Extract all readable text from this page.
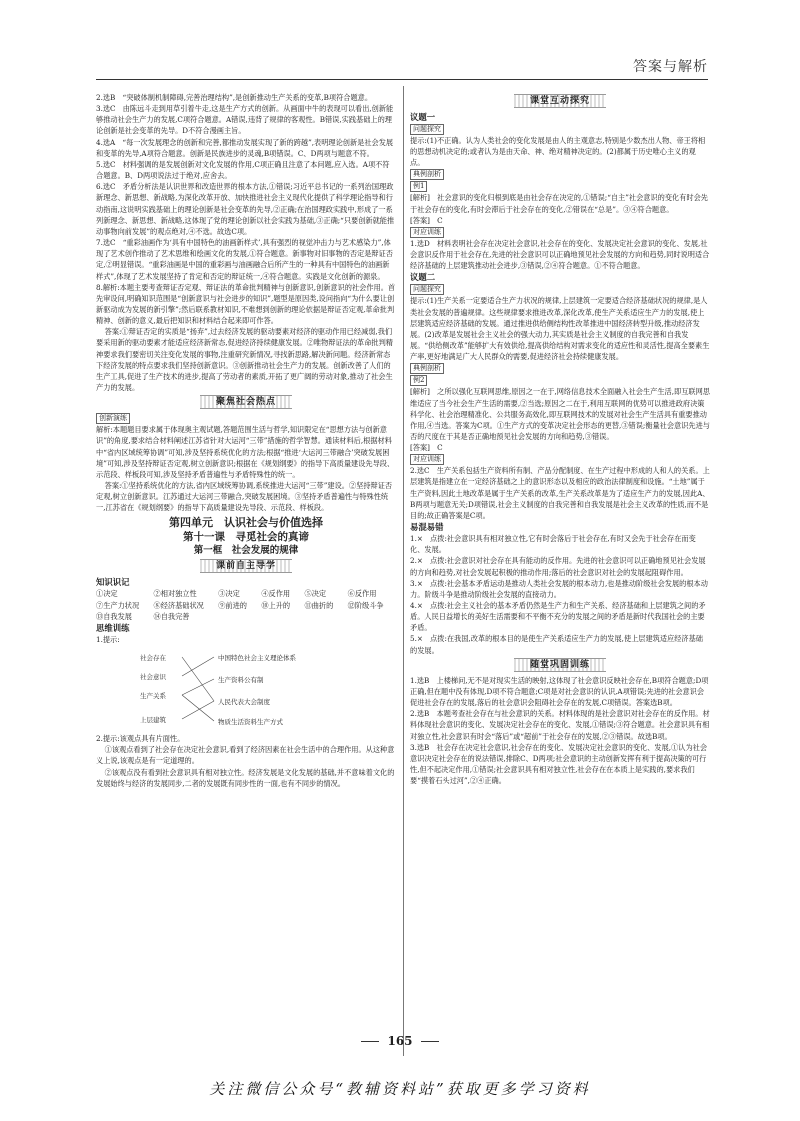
答案与解析

2.选B　“突破体制机制障碍,完善治理结构”,是创新推动生产关系的变革,B项符合题意。

3.选C　由陈远斗走到用草引着牛走,这是生产方式的创新。从画面中牛的表现可以看出,创新能够推动社会生产力的发展,C项符合题意。A错误,违背了规律的客观性。B错误,实践基础上的理论创新是社会变革的先导。D不符合漫画主旨。

4.选A　“每一次发展理念的创新和完善,都推动发展实现了新的跨越”,表明理论创新是社会发展和变革的先导,A项符合题意。创新是民族进步的灵魂,B项错误。C、D两项与题意不符。

5.选C　材料强调的是发展创新对文化发展的作用,C项正确且注意了本问题,应入选。A项不符合题意。B、D两项说法过于绝对,应舍去。

6.选C　矛盾分析法是认识世界和改造世界的根本方法,①错误;习近平总书记的一系列治国理政新理念、新思想、新战略,为深化改革开放、加快推进社会主义现代化提供了科学理论指导和行动指南,这说明实践基础上的理论创新是社会变革的先导,②正确;在治国理政实践中,形成了一系列新理念、新思想、新战略,这体现了党的理论创新以社会实践为基础,③正确;“只要创新就能推动事物向前发展”的观点绝对,④不选。故选C项。

7.选C　“重彩油画作为‘具有中国特色的油画新样式’,具有强烈的视觉冲击力与艺术感染力”,体现了艺术创作推动了艺术思维和绘画文化的发展,①符合题意。新事物对旧事物的否定是辩证否定,②明显错误。“重彩油画是中国的重彩画与油画融合后所产生的一种具有中国特色的油画新样式”,体现了艺术发展坚持了肯定和否定的辩证统一,④符合题意。实践是文化创新的源泉。

8.解析:本题主要考查辩证否定观、辩证法的革命批判精神与创新意识,创新意识的社会作用。首先审设问,明确知识范围是“创新意识与社会进步的知识”,题型是原因类,设问指向“为什么要让创新驱动成为发展的新引擎”;然后联系教材知识,不难想到创新的理论依据是辩证否定观,革命批判精神、创新的意义,最后把知识和材料结合起来即可作答。

答案:①辩证否定的实质是“扬弃”,过去经济发展的驱动要素对经济的驱动作用已经减弱,我们要采用新的驱动要素才能适应经济新常态,促进经济持续健康发展。②唯物辩证法的革命批判精神要求我们要密切关注变化发展的事物,注重研究新情况,寻找新思路,解决新问题。经济新常态下经济发展的特点要求我们坚持创新意识。③创新推动社会生产力的发展。创新改善了人们的生产工具,促进了生产技术的进步,提高了劳动者的素质,开拓了更广阔的劳动对象,推动了社会生产力的发展。

聚焦社会热点
创新演练

解析:本题题目要求属于体现奥主观试题,答题范围生活与哲学,知识限定在“思想方法与创新意识”的角度,要求结合材料阐述江苏省针对大运河“三带”措施的哲学智慧。通读材料后,根据材料中“省内区域统筹协调”可知,涉及坚持系统优化的方法;根据“推进‘大运河三带融合’突破发展困境”可知,涉及坚持辩证否定观,树立创新意识;根据在《规划纲要》的指导下高质量建设先导段、示范段、样板段可知,涉及坚持矛盾普遍性与矛盾特殊性的统一。

答案:①坚持系统优化的方法,省内区域统筹协调,系统推进大运河“三带”建设。②坚持辩证否定观,树立创新意识。江苏通过大运河三带融合,突破发展困境。③坚持矛盾普遍性与特殊性统一,江苏省在《规划纲要》的指导下高质量建设先导段、示范段、样板段。

第四单元　认识社会与价值选择
第十一课　寻觅社会的真谛
第一框　社会发展的规律
课前自主导学
知识识记
①决定	②相对独立性	③决定	④反作用	⑤决定	⑥反作用
⑦生产力状况	⑧经济基础状况	⑨前进的	⑩上升的	⑪曲折的	⑫阶级斗争
⑬自我发展	⑭自我完善
思维训练
1.提示:
社会存在
社会意识
生产关系
上层建筑
中国特色社会主义理论体系
生产资料公有制
人民代表大会制度
物质生活资料生产方式

2.提示:该观点具有片面性。

①该观点看到了社会存在决定社会意识,看到了经济因素在社会生活中的合理作用。从这种意义上说,该观点是有一定道理的。

②该观点没有看到社会意识具有相对独立性。经济发展是文化发展的基础,并不意味着文化的发展始终与经济的发展同步,二者的发展既有同步性的一面,也有不同步的情况。

课堂互动探究
议题一
问题探究

提示:(1)不正确。认为人类社会的变化发展是由人的主观意志,特别是少数杰出人物、帝王将相的思想动机决定的;或者认为是由天命、神、绝对精神决定的。(2)都属于历史唯心主义的观点。

典例剖析
例1

[解析]　社会意识的变化归根到底是由社会存在决定的,①错误;“自主”社会意识的变化有时会先于社会存在的变化,有时会滞后于社会存在的变化,②错误在“总是”。③④符合题意。

[答案]　C

对应训练

1.选D　材料表明社会存在决定社会意识,社会存在的变化、发展决定社会意识的变化、发展,社会意识反作用于社会存在,先进的社会意识可以正确地预见社会发展的方向和趋势,同时说明适合经济基础的上层建筑推动社会进步,③错误,②④符合题意。①不符合题意。

议题二
问题探究

提示:(1)生产关系一定要适合生产力状况的规律,上层建筑一定要适合经济基础状况的规律,是人类社会发展的普遍规律。这些规律要求推进改革,深化改革,使生产关系适应生产力的发展,使上层建筑适应经济基础的发展。通过推进供给侧结构性改革推进中国经济转型升级,推动经济发展。(2)改革是发展社会主义社会的强大动力,其实质是社会主义制度的自我完善和自我发展。“供给侧改革”能够扩大有效供给,提高供给结构对需求变化的适应性和灵活性,提高全要素生产率,更好地满足广大人民群众的需要,促进经济社会持续健康发展。

典例剖析
例2

[解析]　之所以强化互联网思维,原因之一在于,网络信息技术全面融入社会生产生活,即互联网思维适应了当今社会生产生活的需要,②当选;原因之二在于,利用互联网的优势可以推进政府决策科学化、社会治理精准化、公共服务高效化,即互联网技术的发展对社会生产生活具有重要推动作用,④当选。答案为C项。①生产方式的变革决定社会形态的更替,③错误;衡量社会意识先进与否的尺度在于其是否正确地预见社会发展的方向和趋势,③错误。

[答案]　C

对应训练

2.选C　生产关系包括生产资料所有制、产品分配制度、在生产过程中形成的人和人的关系。上层建筑是指建立在一定经济基础之上的意识形态以及相应的政治法律制度和设施。“土地”属于生产资料,因此土地改革是属于生产关系的改革,生产关系改革是为了适应生产力的发展,因此A、B两项与题意无关;D项错误,社会主义制度的自我完善和自我发展是社会主义改革的性质,而不是目的;故正确答案是C项。

易混易错

1.×　点拨:社会意识具有相对独立性,它有时会落后于社会存在,有时又会先于社会存在而变化、发展。

2.×　点拨:社会意识对社会存在具有能动的反作用。先进的社会意识可以正确地预见社会发展的方向和趋势,对社会发展起积极的推动作用;落后的社会意识对社会的发展起阻碍作用。

3.×　点拨:社会基本矛盾运动是推动人类社会发展的根本动力,也是推动阶级社会发展的根本动力。阶级斗争是推动阶级社会发展的直接动力。

4.×　点拨:社会主义社会的基本矛盾仍然是生产力和生产关系、经济基础和上层建筑之间的矛盾。人民日益增长的美好生活需要和不平衡不充分的发展之间的矛盾是新时代我国社会的主要矛盾。

5.×　点拨:在我国,改革的根本目的是使生产关系适应生产力的发展,使上层建筑适应经济基础的发展。

随堂巩固训练

1.选B　上楼梯问,无不是对现实生活的映射,这体现了社会意识反映社会存在,B项符合题意;D项正确,但在题中没有体现,D项不符合题意;C项是对社会意识的认识,A项错误;先进的社会意识会促进社会存在的发展,落后的社会意识会阻碍社会存在的发展,C项错误。答案选B项。

2.选B　本题考查社会存在与社会意识的关系。材料体现的是社会意识对社会存在的反作用。材料体现社会意识的变化、发展决定社会存在的变化、发展,①错误;③符合题意。社会意识具有相对独立性,社会意识有时会“落后”或“超前”于社会存在的发展,②③错误。故选B项。

3.选B　社会存在决定社会意识,社会存在的变化、发展决定社会意识的变化、发展,①认为社会意识决定社会存在的说法错误,排除C、D两项;社会意识的主动创新发挥有利于提高决策的可行性,但不起决定作用,①错误;社会意识具有相对独立性,社会存在在本质上是实践的,要求我们要“摸着石头过河”,②④正确。

165
关注微信公众号“教辅资料站”获取更多学习资料
